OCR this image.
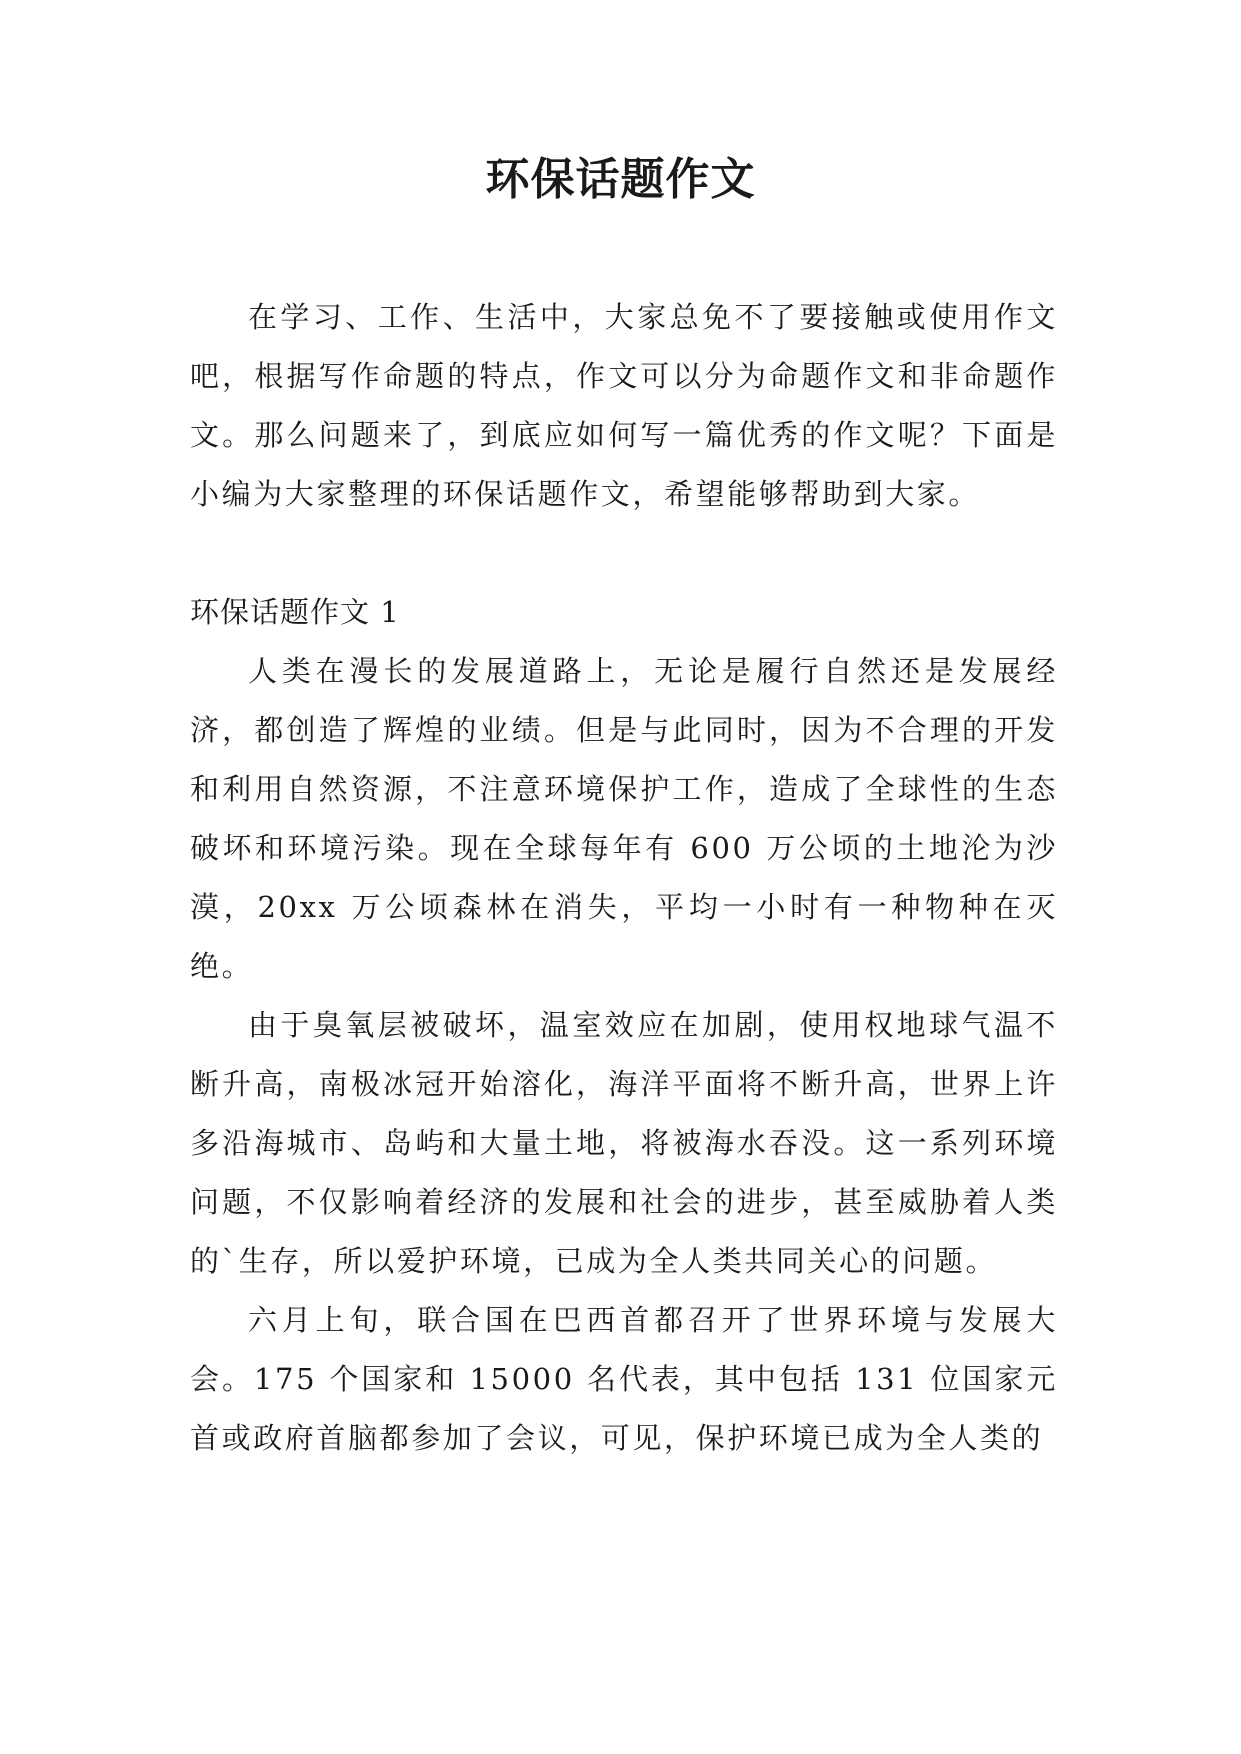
环保话题作文

在学习、工作、生活中，大家总免不了要接触或使用作文吧，根据写作命题的特点，作文可以分为命题作文和非命题作文。那么问题来了，到底应如何写一篇优秀的作文呢？下面是小编为大家整理的环保话题作文，希望能够帮助到大家。

环保话题作文 1

人类在漫长的发展道路上，无论是履行自然还是发展经济，都创造了辉煌的业绩。但是与此同时，因为不合理的开发和利用自然资源，不注意环境保护工作，造成了全球性的生态破坏和环境污染。现在全球每年有 600 万公顷的土地沦为沙漠，20xx 万公顷森林在消失，平均一小时有一种物种在灭绝。

由于臭氧层被破坏，温室效应在加剧，使用权地球气温不断升高，南极冰冠开始溶化，海洋平面将不断升高，世界上许多沿海城市、岛屿和大量土地，将被海水吞没。这一系列环境问题，不仅影响着经济的发展和社会的进步，甚至威胁着人类的`生存，所以爱护环境，已成为全人类共同关心的问题。

六月上旬，联合国在巴西首都召开了世界环境与发展大会。175 个国家和 15000 名代表，其中包括 131 位国家元首或政府首脑都参加了会议，可见，保护环境已成为全人类的
